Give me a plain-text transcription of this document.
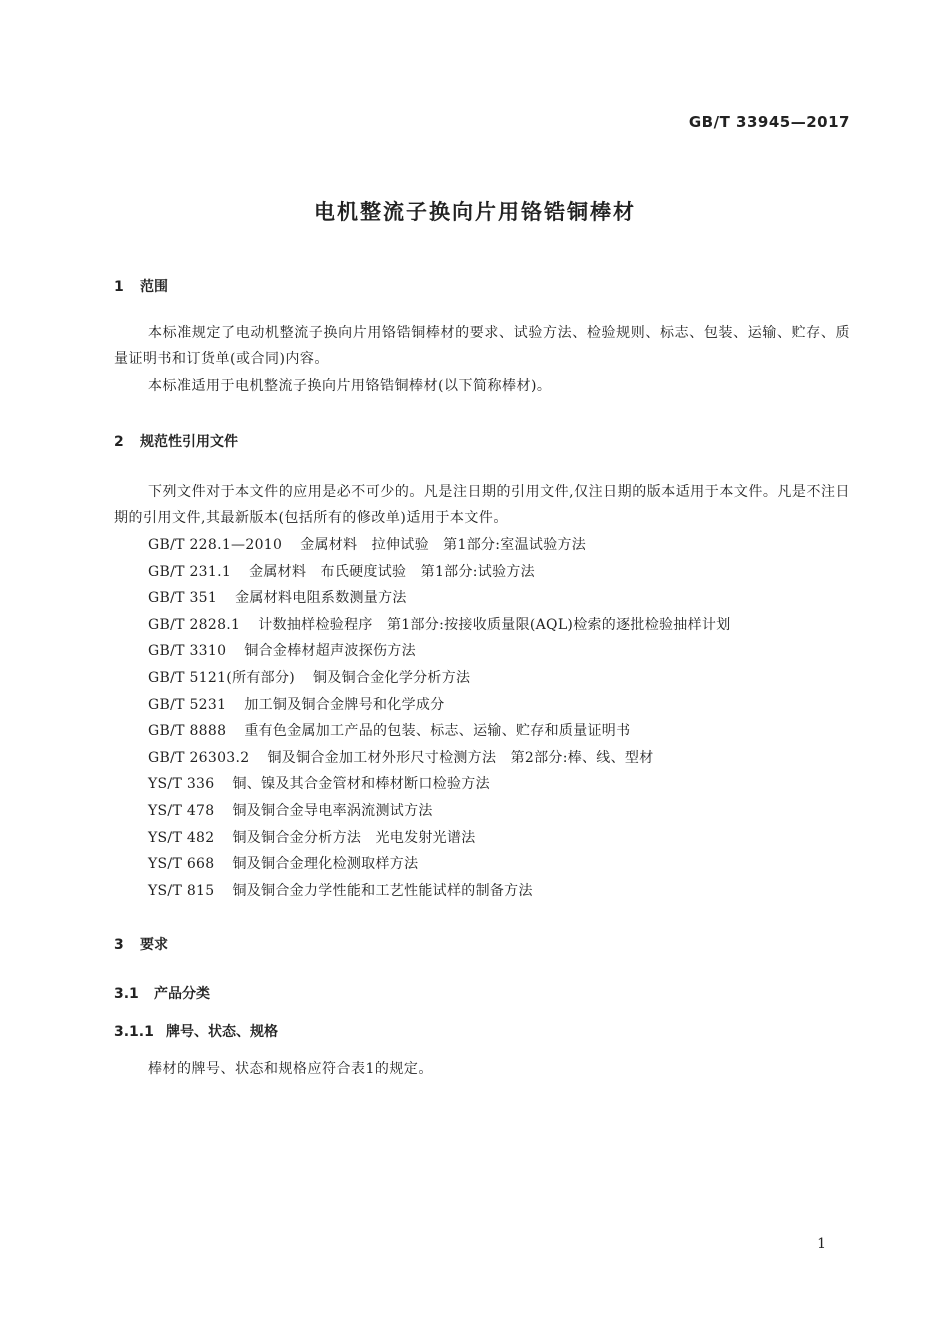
GB/T 33945—2017
电机整流子换向片用铬锆铜棒材
1 范围
本标准规定了电动机整流子换向片用铬锆铜棒材的要求、试验方法、检验规则、标志、包装、运输、贮存、质量证明书和订货单(或合同)内容。
本标准适用于电机整流子换向片用铬锆铜棒材(以下简称棒材)。
2 规范性引用文件
下列文件对于本文件的应用是必不可少的。凡是注日期的引用文件,仅注日期的版本适用于本文件。凡是不注日期的引用文件,其最新版本(包括所有的修改单)适用于本文件。
GB/T 228.1—2010 金属材料　拉伸试验　第1部分:室温试验方法
GB/T 231.1 金属材料　布氏硬度试验　第1部分:试验方法
GB/T 351 金属材料电阻系数测量方法
GB/T 2828.1 计数抽样检验程序　第1部分:按接收质量限(AQL)检索的逐批检验抽样计划
GB/T 3310 铜合金棒材超声波探伤方法
GB/T 5121(所有部分) 铜及铜合金化学分析方法
GB/T 5231 加工铜及铜合金牌号和化学成分
GB/T 8888 重有色金属加工产品的包装、标志、运输、贮存和质量证明书
GB/T 26303.2 铜及铜合金加工材外形尺寸检测方法　第2部分:棒、线、型材
YS/T 336 铜、镍及其合金管材和棒材断口检验方法
YS/T 478 铜及铜合金导电率涡流测试方法
YS/T 482 铜及铜合金分析方法　光电发射光谱法
YS/T 668 铜及铜合金理化检测取样方法
YS/T 815 铜及铜合金力学性能和工艺性能试样的制备方法
3 要求
3.1 产品分类
3.1.1 牌号、状态、规格
棒材的牌号、状态和规格应符合表1的规定。
1
